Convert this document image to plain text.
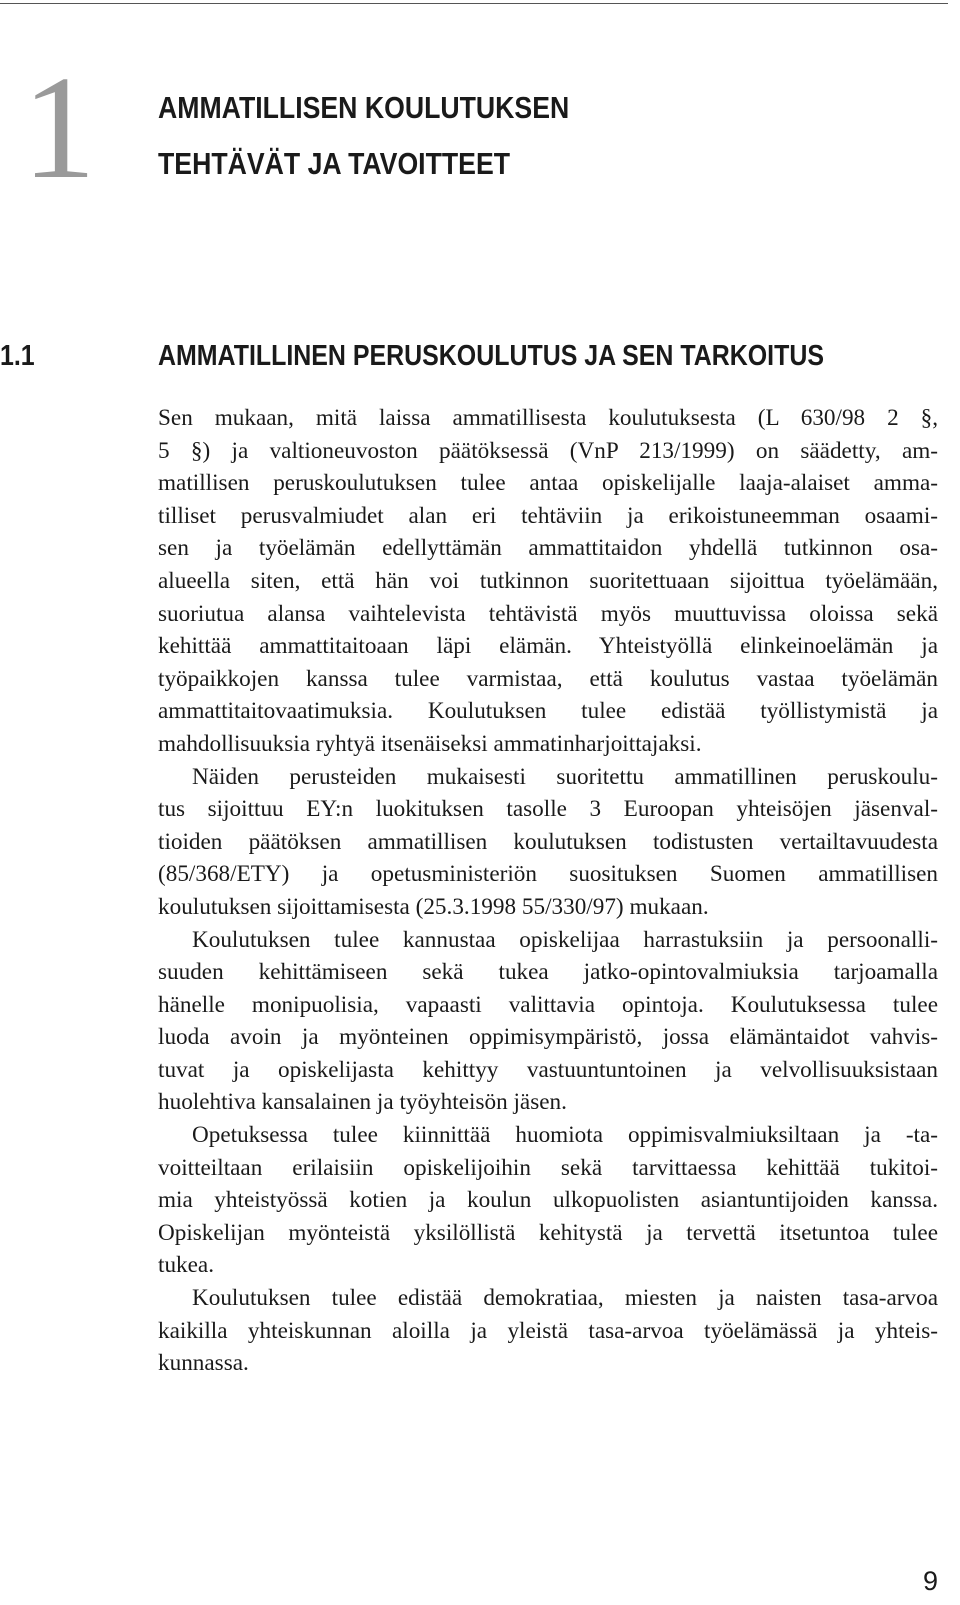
1 AMMATILLISEN KOULUTUKSEN
TEHTÄVÄT JA TAVOITTEET
1.1	AMMATILLINEN PERUSKOULUTUS JA SEN TARKOITUS
Sen mukaan, mitä laissa ammatillisesta koulutuksesta (L 630/98 2 §,
5 §) ja valtioneuvoston päätöksessä (VnP 213/1999) on säädetty, am-
matillisen peruskoulutuksen tulee antaa opiskelijalle laaja-alaiset amma-
tilliset perusvalmiudet alan eri tehtäviin ja erikoistuneemman osaami-
sen ja työelämän edellyttämän ammattitaidon yhdellä tutkinnon osa-
alueella siten, että hän voi tutkinnon suoritettuaan sijoittua työelämään,
suoriutua alansa vaihtelevista tehtävistä myös muuttuvissa oloissa sekä
kehittää ammattitaitoaan läpi elämän. Yhteistyöllä elinkeinoelämän ja
työpaikkojen kanssa tulee varmistaa, että koulutus vastaa työelämän
ammattitaitovaatimuksia. Koulutuksen tulee edistää työllistymistä ja
mahdollisuuksia ryhtyä itsenäiseksi ammatinharjoittajaksi.
Näiden perusteiden mukaisesti suoritettu ammatillinen peruskoulu-
tus sijoittuu EY:n luokituksen tasolle 3 Euroopan yhteisöjen jäsenval-
tioiden päätöksen ammatillisen koulutuksen todistusten vertailtavuudesta
(85/368/ETY) ja opetusministeriön suosituksen Suomen ammatillisen
koulutuksen sijoittamisesta (25.3.1998 55/330/97) mukaan.
Koulutuksen tulee kannustaa opiskelijaa harrastuksiin ja persoonalli-
suuden kehittämiseen sekä tukea jatko-opintovalmiuksia tarjoamalla
hänelle monipuolisia, vapaasti valittavia opintoja. Koulutuksessa tulee
luoda avoin ja myönteinen oppimisympäristö, jossa elämäntaidot vahvis-
tuvat ja opiskelijasta kehittyy vastuuntuntoinen ja velvollisuuksistaan
huolehtiva kansalainen ja työyhteisön jäsen.
Opetuksessa tulee kiinnittää huomiota oppimisvalmiuksiltaan ja -ta-
voitteiltaan erilaisiin opiskelijoihin sekä tarvittaessa kehittää tukitoi-
mia yhteistyössä kotien ja koulun ulkopuolisten asiantuntijoiden kanssa.
Opiskelijan myönteistä yksilöllistä kehitystä ja tervettä itsetuntoa tulee
tukea.
Koulutuksen tulee edistää demokratiaa, miesten ja naisten tasa-arvoa
kaikilla yhteiskunnan aloilla ja yleistä tasa-arvoa työelämässä ja yhteis-
kunnassa.
9
